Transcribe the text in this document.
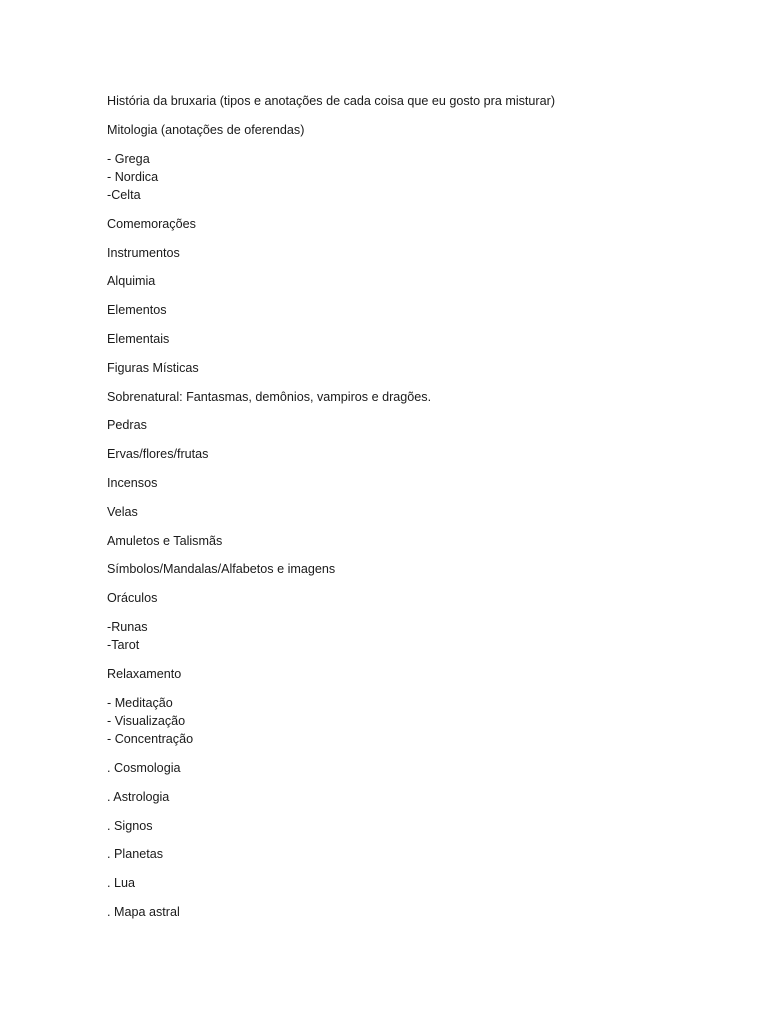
História da bruxaria (tipos e anotações de cada coisa que eu gosto pra misturar)

Mitologia (anotações de oferendas)

- Grega
- Nordica
-Celta

Comemorações

Instrumentos

Alquimia

Elementos

Elementais

Figuras Místicas

Sobrenatural: Fantasmas, demônios, vampiros e dragões.

Pedras

Ervas/flores/frutas

Incensos

Velas

Amuletos e Talismãs

Símbolos/Mandalas/Alfabetos e imagens

Oráculos

-Runas
-Tarot

Relaxamento

- Meditação
- Visualização
- Concentração

. Cosmologia

. Astrologia

. Signos

. Planetas

. Lua

. Mapa astral
